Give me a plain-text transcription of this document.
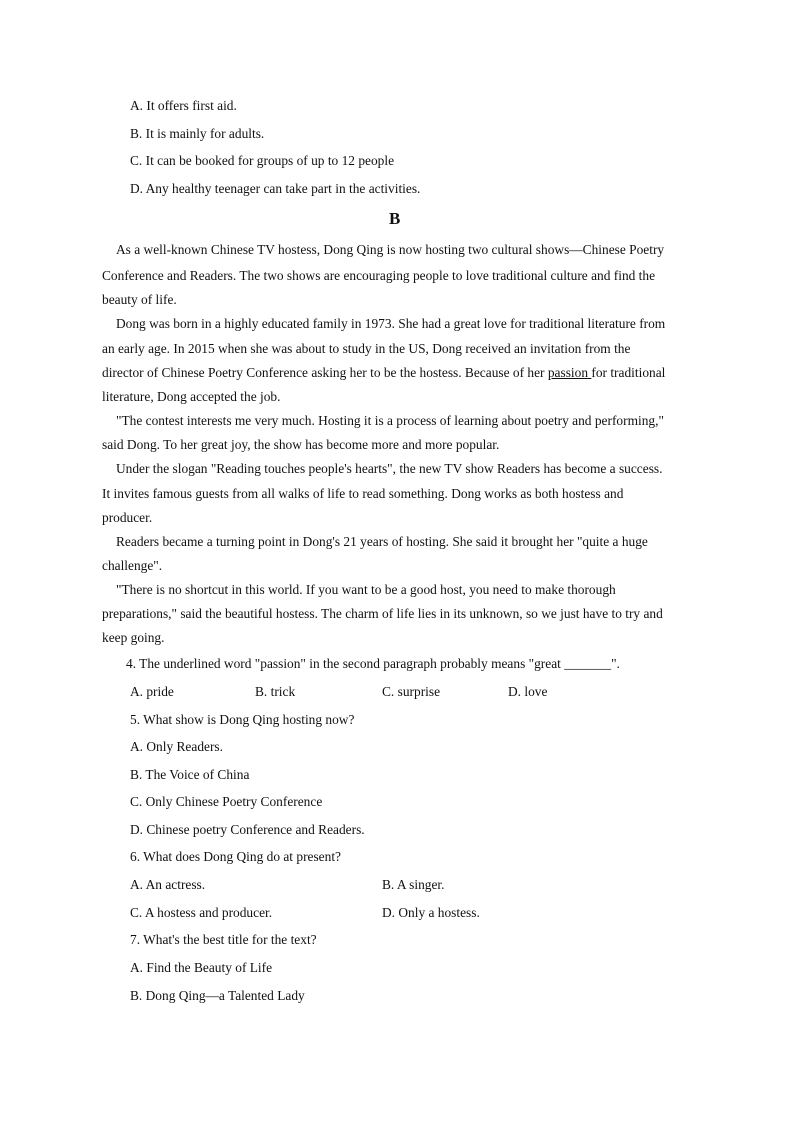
A. It offers first aid.
B. It is mainly for adults.
C. It can be booked for groups of up to 12 people
D. Any healthy teenager can take part in the activities.
B
As a well-known Chinese TV hostess, Dong Qing is now hosting two cultural shows—Chinese Poetry
Conference and Readers. The two shows are encouraging people to love traditional culture and find the
beauty of life.
Dong was born in a highly educated family in 1973. She had a great love for traditional literature from
an early age. In 2015 when she was about to study in the US, Dong received an invitation from the
director of Chinese Poetry Conference asking her to be the hostess. Because of her passion for traditional
literature, Dong accepted the job.
"The contest interests me very much. Hosting it is a process of learning about poetry and performing,"
said Dong. To her great joy, the show has become more and more popular.
Under the slogan "Reading touches people's hearts", the new TV show Readers has become a success.
It invites famous guests from all walks of life to read something. Dong works as both hostess and
producer.
Readers became a turning point in Dong's 21 years of hosting. She said it brought her "quite a huge
challenge".
"There is no shortcut in this world. If you want to be a good host, you need to make thorough
preparations," said the beautiful hostess. The charm of life lies in its unknown, so we just have to try and
keep going.
4. The underlined word "passion" in the second paragraph probably means "great _______".
A. pride	B. trick	C. surprise	D. love
5. What show is Dong Qing hosting now?
A. Only Readers.
B. The Voice of China
C. Only Chinese Poetry Conference
D. Chinese poetry Conference and Readers.
6. What does Dong Qing do at present?
A. An actress.	B. A singer.
C. A hostess and producer.	D. Only a hostess.
7. What's the best title for the text?
A. Find the Beauty of Life
B. Dong Qing—a Talented Lady
